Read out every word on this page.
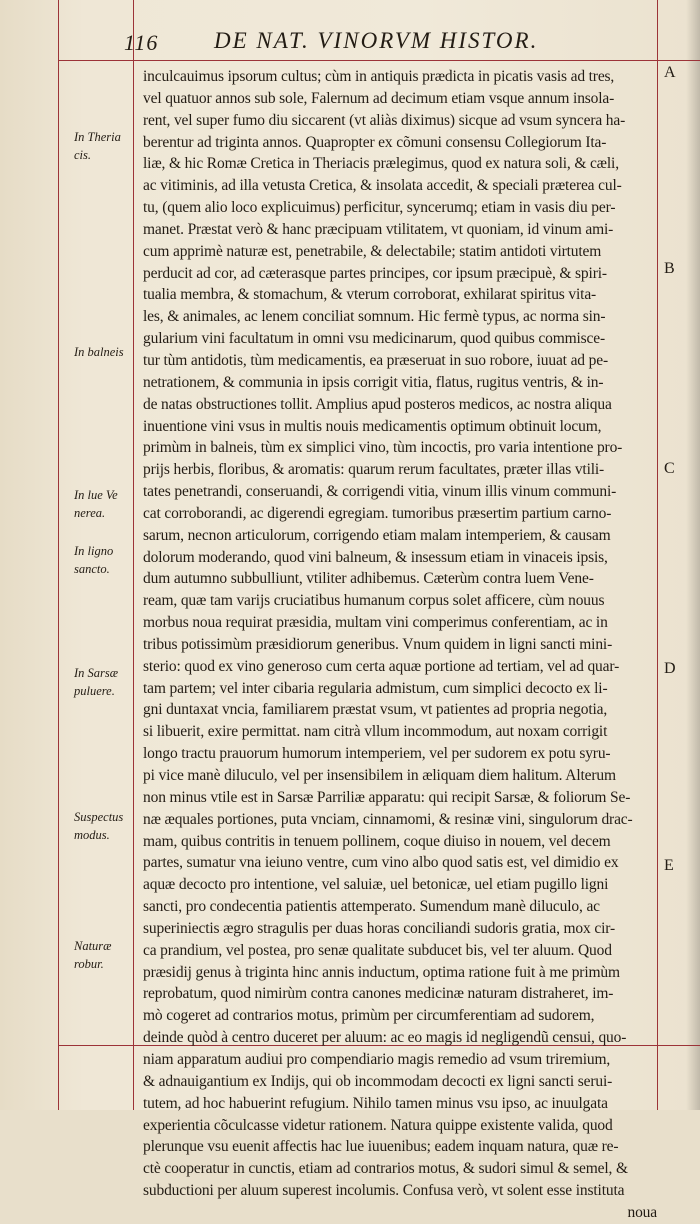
116 DE NAT. VINORVM HISTOR.
In Theria
cis.
In balneis
In lue Ve
nerea.
In ligno
sancto.
In Sarsæ
puluere.
Suspectus
modus.
Naturæ
robur.
A
B
C
D
E
inculcauimus ipsorum cultus; cùm in antiquis prædicta in picatis vasis ad tres,
vel quatuor annos sub sole, Falernum ad decimum etiam vsque annum insola-
rent, vel super fumo diu siccarent (vt aliàs diximus) sicque ad vsum syncera ha-
berentur ad triginta annos. Quapropter ex cõmuni consensu Collegiorum Ita-
liæ, & hic Romæ Cretica in Theriacis prælegimus, quod ex natura soli, & cæli,
ac vitiminis, ad illa vetusta Cretica, & insolata accedit, & speciali præterea cul-
tu, (quem alio loco explicuimus) perficitur, syncerumq; etiam in vasis diu per-
manet. Præstat verò & hanc præcipuam vtilitatem, vt quoniam, id vinum ami-
cum apprimè naturæ est, penetrabile, & delectabile; statim antidoti virtutem
perducit ad cor, ad cæterasque partes principes, cor ipsum præcipuè, & spiri-
tualia membra, & stomachum, & vterum corroborat, exhilarat spiritus vita-
les, & animales, ac lenem conciliat somnum. Hic fermè typus, ac norma sin-
gularium vini facultatum in omni vsu medicinarum, quod quibus commisce-
tur tùm antidotis, tùm medicamentis, ea præseruat in suo robore, iuuat ad pe-
netrationem, & communia in ipsis corrigit vitia, flatus, rugitus ventris, & in-
de natas obstructiones tollit. Amplius apud posteros medicos, ac nostra aliqua
inuentione vini vsus in multis nouis medicamentis optimum obtinuit locum,
primùm in balneis, tùm ex simplici vino, tùm incoctis, pro varia intentione pro-
prijs herbis, floribus, & aromatis: quarum rerum facultates, præter illas vtili-
tates penetrandi, conseruandi, & corrigendi vitia, vinum illis vinum communi-
cat corroborandi, ac digerendi egregiam. tumoribus præsertim partium carno-
sarum, necnon articulorum, corrigendo etiam malam intemperiem, & causam
dolorum moderando, quod vini balneum, & insessum etiam in vinaceis ipsis,
dum autumno subbulliunt, vtiliter adhibemus. Cæterùm contra luem Vene-
ream, quæ tam varijs cruciatibus humanum corpus solet afficere, cùm nouus
morbus noua requirat præsidia, multam vini comperimus conferentiam, ac in
tribus potissimùm præsidiorum generibus. Vnum quidem in ligni sancti mini-
sterio: quod ex vino generoso cum certa aquæ portione ad tertiam, vel ad quar-
tam partem; vel inter cibaria regularia admistum, cum simplici decocto ex li-
gni duntaxat vncia, familiarem præstat vsum, vt patientes ad propria negotia,
si libuerit, exire permittat. nam citrà vllum incommodum, aut noxam corrigit
longo tractu prauorum humorum intemperiem, vel per sudorem ex potu syru-
pi vice manè diluculo, vel per insensibilem in æliquam diem halitum. Alterum
non minus vtile est in Sarsæ Parriliæ apparatu: qui recipit Sarsæ, & foliorum Se-
næ æquales portiones, puta vnciam, cinnamomi, & resinæ vini, singulorum drac-
mam, quibus contritis in tenuem pollinem, coque diuiso in nouem, vel decem
partes, sumatur vna ieiuno ventre, cum vino albo quod satis est, vel dimidio ex
aquæ decocto pro intentione, vel saluiæ, uel betonicæ, uel etiam pugillo ligni
sancti, pro condecentia patientis attemperato. Sumendum manè diluculo, ac
superiniectis ægro stragulis per duas horas conciliandi sudoris gratia, mox cir-
ca prandium, vel postea, pro senæ qualitate subducet bis, vel ter aluum. Quod
præsidij genus à triginta hinc annis inductum, optima ratione fuit à me primùm
reprobatum, quod nimirùm contra canones medicinæ naturam distraheret, im-
mò cogeret ad contrarios motus, primùm per circumferentiam ad sudorem,
deinde quòd à centro duceret per aluum: ac eo magis id negligendũ censui, quo-
niam apparatum audiui pro compendiario magis remedio ad vsum triremium,
& adnauigantium ex Indijs, qui ob incommodam decocti ex ligni sancti serui-
tutem, ad hoc habuerint refugium. Nihilo tamen minus vsu ipso, ac inuulgata
experientia cõculcasse videtur rationem. Natura quippe existente valida, quod
plerunque vsu euenit affectis hac lue iuuenibus; eadem inquam natura, quæ re-
ctè cooperatur in cunctis, etiam ad contrarios motus, & sudori simul & semel, &
subductioni per aluum superest incolumis. Confusa verò, vt solent esse instituta
noua
